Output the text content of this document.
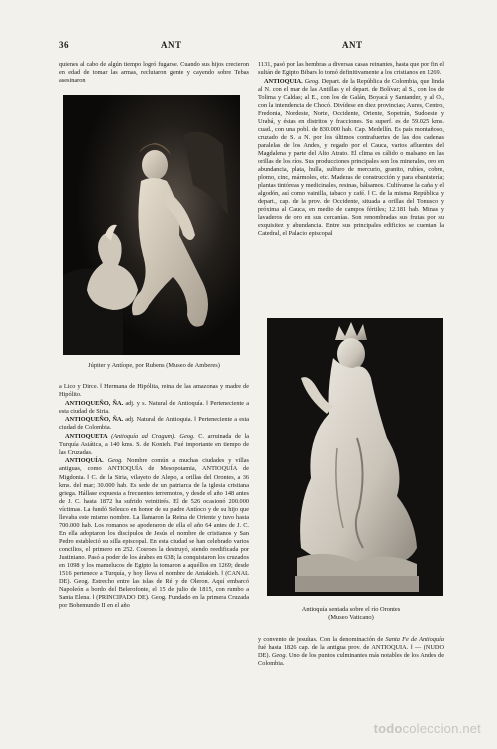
36	ANT	ANT

quienes al cabo de algún tiempo logró fugarse. Cuando sus hijos crecieron en edad de tomar las armas, reclutaron gente y cayendo sobre Tebas asesinaron

Júpiter y Antíope, por Rubens (Museo de Amberes)

a Lico y Dirce. ‖ Hermana de Hipólita, reina de las amazonas y madre de Hipólito.

ANTIOQUEÑO, ÑA. adj. y s. Natural de Antioquía. ‖ Perteneciente a esta ciudad de Siria.

ANTIOQUEÑO, ÑA. adj. Natural de Antioquia. ‖ Perteneciente a esta ciudad de Colombia.

ANTIOQUETA (Antioquía ad Cragum). Geog. C. arruinada de la Turquía Asiática, a 140 kms. S. de Konieh. Fué importante en tiempo de las Cruzadas.

ANTIOQUÍA. Geog. Nombre común a muchas ciudades y villas antiguas, como ANTIOQUÍA de Mesopotamia, ANTIOQUÍA de Migdonia. ‖ C. de la Siria, vilayeto de Alepo, a orillas del Orontes, a 36 kms. del mar; 30.000 hab. Es sede de un patriarca de la iglesia cristiana griega. Hállase expuesta a frecuentes terremotos, y desde el año 148 antes de J. C. hasta 1872 ha sufrido veintitrés. El de 526 ocasionó 200.000 víctimas. La fundó Seleuco en honor de su padre Antíoco y de su hijo que llevaba este mismo nombre. La llamaron la Reina de Oriente y tuvo hasta 700.000 hab. Los romanos se apoderaron de ella el año 64 antes de J. C. En ella adoptaron los discípulos de Jesús el nombre de cristianos y San Pedro estableció su silla episcopal. En esta ciudad se han celebrado varios concilios, el primero en 252. Cosroes la destruyó, siendo reedificada por Justiniano. Pasó a poder de los árabes en 638; la conquistaron los cruzados en 1098 y los mamelucos de Egipto la tomaron a aquéllos en 1269; desde 1516 pertenece a Turquía, y hoy lleva el nombre de Antakieh. ‖ (CANAL DE). Geog. Estrecho entre las islas de Ré y de Oleron. Aquí embarcó Napoleón a bordo del Belerofonte, el 15 de julio de 1815, con rumbo a Santa Elena. ‖ (PRINCIPADO DE). Geog. Fundado en la primera Cruzada por Bohemundo II en el año

1131, pasó por las hembras a diversas casas reinantes, hasta que por fin el sultán de Egipto Bibars lo tomó definitivamente a los cristianos en 1269.

ANTIOQUIA. Geog. Depart. de la República de Colombia, que linda al N. con el mar de las Antillas y el depart. de Bolívar; al S., con los de Tolima y Caldas; al E., con los de Galán, Boyacá y Santander, y al O., con la intendencia de Chocó. Divídese en diez provincias; Aures, Centro, Fredonia, Nordeste, Norte, Occidente, Oriente, Sopetrán, Sudoeste y Urabá, y éstas en distritos y fracciones. Su superf. es de 59.025 kms. cuad., con una pobl. de 830.000 hab. Cap. Medellín. Es país montañoso, cruzado de S. a N. por los últimos contrafuertes de las dos cadenas paralelas de los Andes, y regado por el Cauca, varios afluentes del Magdalena y parte del Alto Atrato. El clima es cálido o malsano en las orillas de los ríos. Sus producciones principales son los minerales, oro en abundancia, plata, hulla, sulfuro de mercurio, granito, rubíes, cobre, plomo, cinc, mármoles, etc. Maderas de construcción y para ebanistería; plantas tintóreas y medicinales, resinas, bálsamos. Cultívanse la caña y el algodón, así como vainilla, tabaco y café. ‖ C. de la misma República y depart., cap. de la prov. de Occidente, situada a orillas del Tonusco y próxima al Cauca, en medio de campos fértiles; 12.181 hab. Minas y lavaderos de oro en sus cercanías. Son renombradas sus frutas por su exquisitez y abundancia. Entre sus principales edificios se cuentan la Catedral, el Palacio episcopal

Antioquía sentada sobre el río Orontes
(Museo Vaticano)

y convento de jesuítas. Con la denominación de Santa Fe de Antioquía fué hasta 1826 cap. de la antigua prov. de ANTIOQUIA. ‖ — (NUDO DE). Geog. Uno de los puntos culminantes más notables de los Andes de Colombia.

todocoleccion.net
